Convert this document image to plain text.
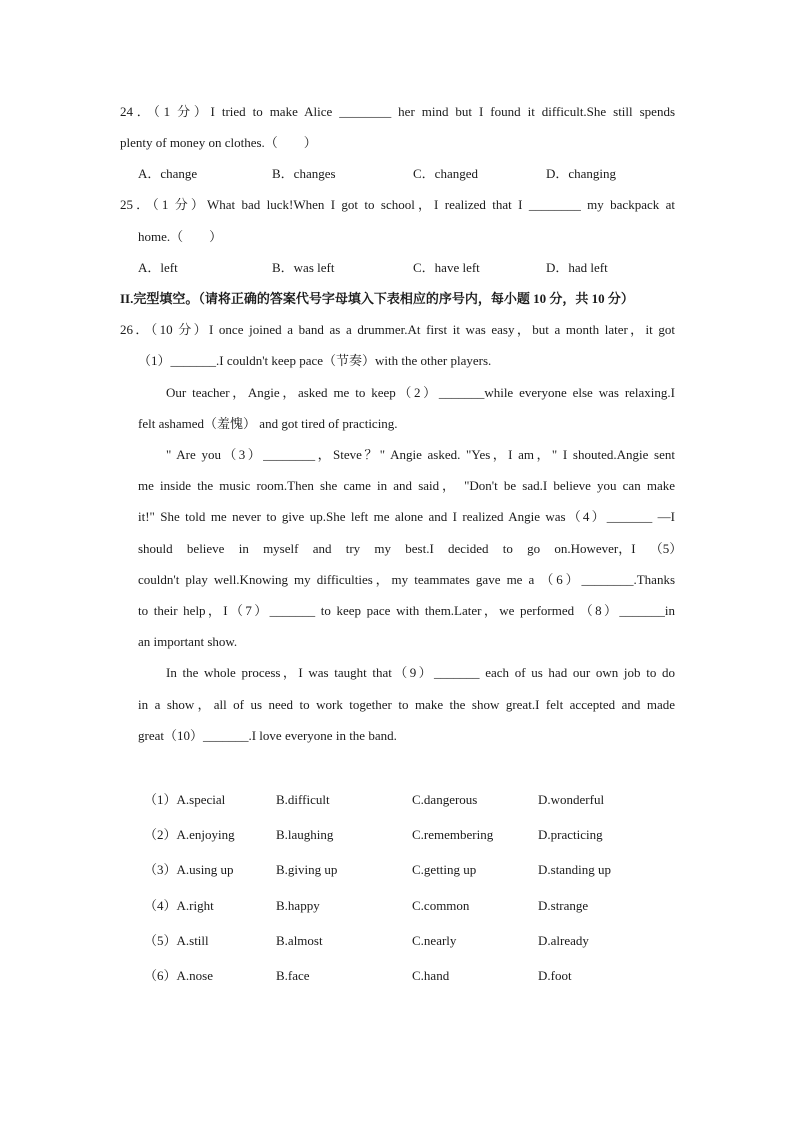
24．（1 分）I tried to make Alice ________ her mind but I found it difficult.She still spends
plenty of money on clothes.（　　）
A．change	B．changes	C．changed	D．changing
25．（1 分）What bad luck!When I got to school，I realized that I ________ my backpack at
home.（　　）
A．left	B．was left	C．have left	D．had left
II.完型填空。（请将正确的答案代号字母填入下表相应的序号内，每小题 10 分，共 10 分）
26．（10 分）I once joined a band as a drummer.At first it was easy，but a month later，it got
（1）_______.I couldn't keep pace（节奏）with the other players.
Our teacher，Angie，asked me to keep（2）_______while everyone else was relaxing.I
felt ashamed（羞愧） and got tired of practicing.
" Are you（3）________，Steve？" Angie asked. "Yes，I am，" I shouted.Angie sent
me inside the music room.Then she came in and said， "Don't be sad.I believe you can make
it!" She told me never to give up.She left me alone and I realized Angie was（4）_______ —I
should believe in myself and try my best.I decided to go on.However，I （5）
couldn't play well.Knowing my difficulties，my teammates gave me a （6）________.Thanks
to their help，I（7）_______ to keep pace with them.Later，we performed （8）_______in
an important show.
In the whole process，I was taught that（9）_______ each of us had our own job to do
in a show，all of us need to work together to make the show great.I felt accepted and made
great（10）_______.I love everyone in the band.
（1）A.special	B.difficult	C.dangerous	D.wonderful
（2）A.enjoying	B.laughing	C.remembering	D.practicing
（3）A.using up	B.giving up	C.getting up	D.standing up
（4）A.right	B.happy	C.common	D.strange
（5）A.still	B.almost	C.nearly	D.already
（6）A.nose	B.face	C.hand	D.foot
